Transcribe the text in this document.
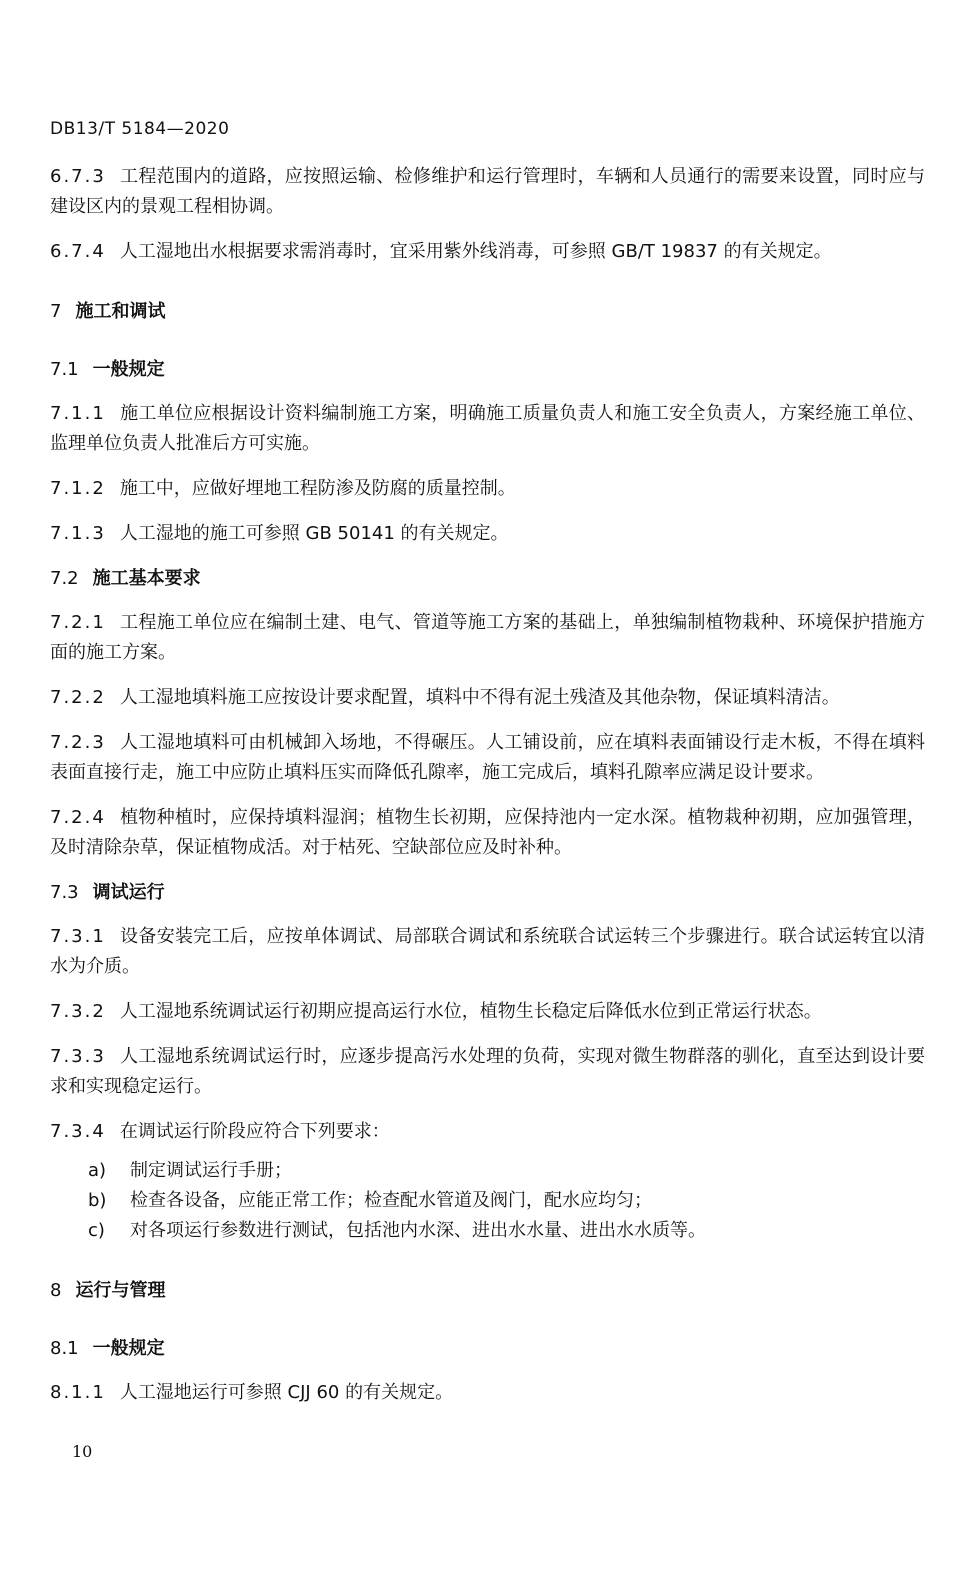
DB13/T 5184—2020

6.7.3 工程范围内的道路，应按照运输、检修维护和运行管理时，车辆和人员通行的需要来设置，同时应与建设区内的景观工程相协调。

6.7.4 人工湿地出水根据要求需消毒时，宜采用紫外线消毒，可参照 GB/T 19837 的有关规定。

7 施工和调试
7.1 一般规定

7.1.1 施工单位应根据设计资料编制施工方案，明确施工质量负责人和施工安全负责人，方案经施工单位、监理单位负责人批准后方可实施。

7.1.2 施工中，应做好埋地工程防渗及防腐的质量控制。

7.1.3 人工湿地的施工可参照 GB 50141 的有关规定。

7.2 施工基本要求

7.2.1 工程施工单位应在编制土建、电气、管道等施工方案的基础上，单独编制植物栽种、环境保护措施方面的施工方案。

7.2.2 人工湿地填料施工应按设计要求配置，填料中不得有泥土残渣及其他杂物，保证填料清洁。

7.2.3 人工湿地填料可由机械卸入场地，不得碾压。人工铺设前，应在填料表面铺设行走木板，不得在填料表面直接行走，施工中应防止填料压实而降低孔隙率，施工完成后，填料孔隙率应满足设计要求。

7.2.4 植物种植时，应保持填料湿润；植物生长初期，应保持池内一定水深。植物栽种初期，应加强管理，及时清除杂草，保证植物成活。对于枯死、空缺部位应及时补种。

7.3 调试运行

7.3.1 设备安装完工后，应按单体调试、局部联合调试和系统联合试运转三个步骤进行。联合试运转宜以清水为介质。

7.3.2 人工湿地系统调试运行初期应提高运行水位，植物生长稳定后降低水位到正常运行状态。

7.3.3 人工湿地系统调试运行时，应逐步提高污水处理的负荷，实现对微生物群落的驯化，直至达到设计要求和实现稳定运行。

7.3.4 在调试运行阶段应符合下列要求：

a) 制定调试运行手册；
b) 检查各设备，应能正常工作；检查配水管道及阀门，配水应均匀；
c) 对各项运行参数进行测试，包括池内水深、进出水水量、进出水水质等。
8 运行与管理
8.1 一般规定

8.1.1 人工湿地运行可参照 CJJ 60 的有关规定。

10
